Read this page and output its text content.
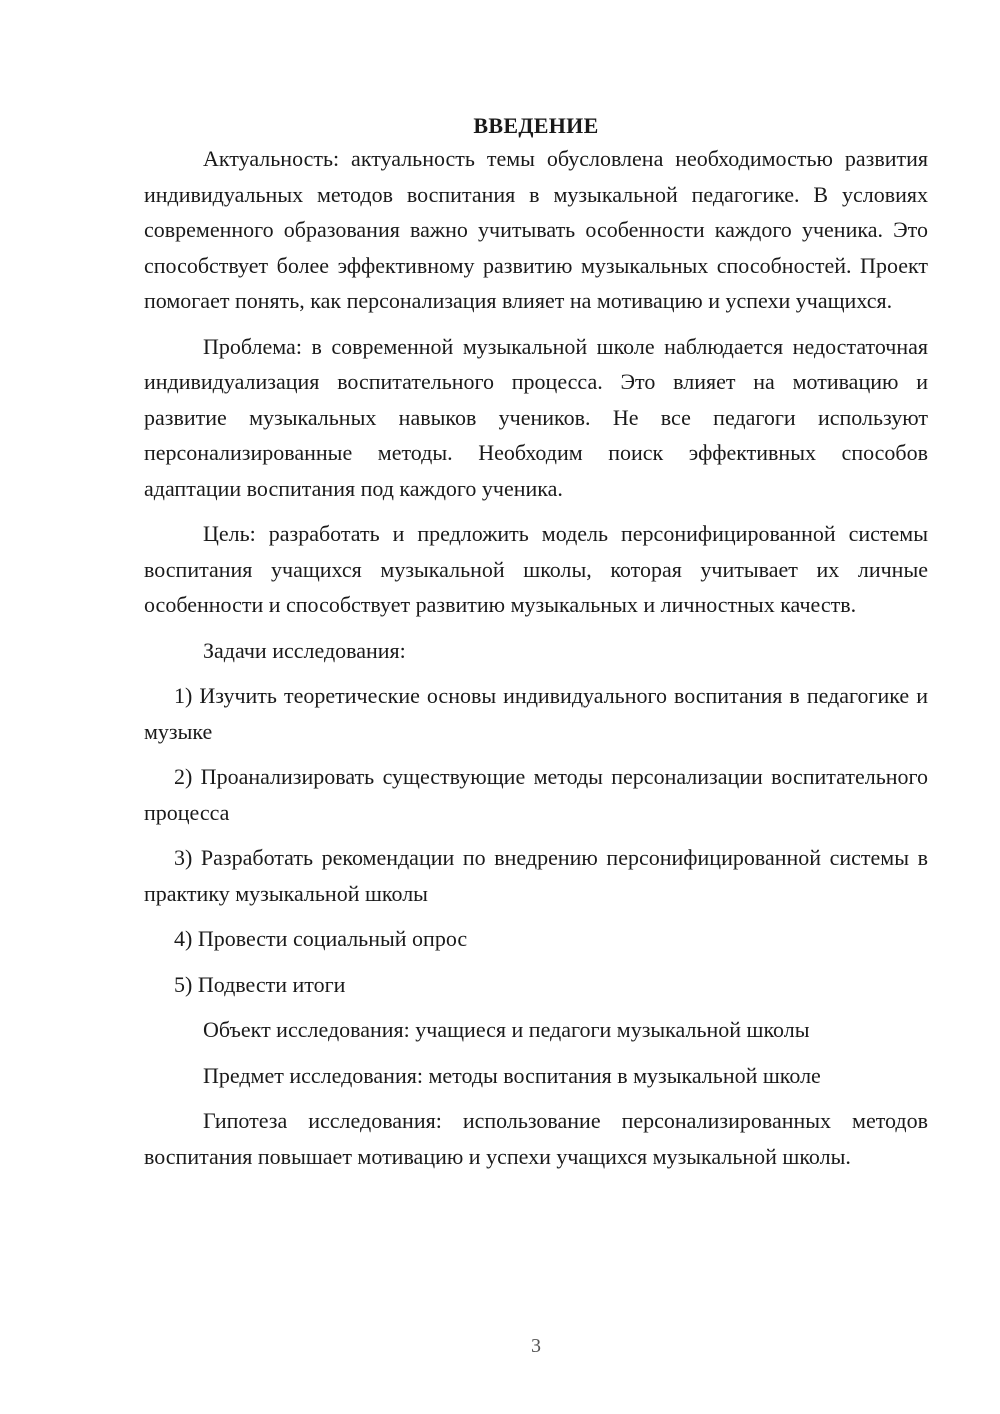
ВВЕДЕНИЕ

Актуальность: актуальность темы обусловлена необходимостью развития индивидуальных методов воспитания в музыкальной педагогике. В условиях современного образования важно учитывать особенности каждого ученика. Это способствует более эффективному развитию музыкальных способностей. Проект помогает понять, как персонализация влияет на мотивацию и успехи учащихся.

Проблема: в современной музыкальной школе наблюдается недостаточная индивидуализация воспитательного процесса. Это влияет на мотивацию и развитие музыкальных навыков учеников. Не все педагоги используют персонализированные методы. Необходим поиск эффективных способов адаптации воспитания под каждого ученика.

Цель: разработать и предложить модель персонифицированной системы воспитания учащихся музыкальной школы, которая учитывает их личные особенности и способствует развитию музыкальных и личностных качеств.

Задачи исследования:

1) Изучить теоретические основы индивидуального воспитания в педагогике и музыке

2) Проанализировать существующие методы персонализации воспитательного процесса

3) Разработать рекомендации по внедрению персонифицированной системы в практику музыкальной школы

4) Провести социальный опрос

5) Подвести итоги

Объект исследования: учащиеся и педагоги музыкальной школы

Предмет исследования: методы воспитания в музыкальной школе

Гипотеза исследования: использование персонализированных методов воспитания повышает мотивацию и успехи учащихся музыкальной школы.

3
